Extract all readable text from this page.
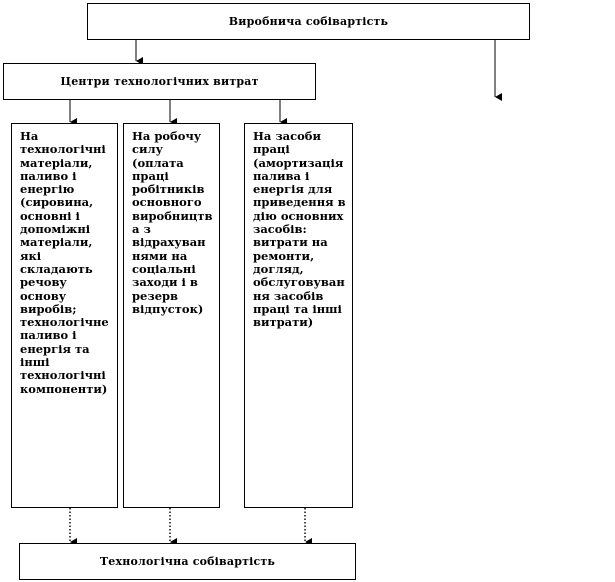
Виробнича собівартість
Центри технологічних витрат
На
технологічні
матеріали,
паливо і
енергію
(сировина,
основні і
допоміжні
матеріали, які
складають
речову
основу
виробів;
технологічне
паливо і
енергія та
інші
технологічні
компоненти)
На робочу
силу
(оплата
праці
робітників
основного
виробництв
а з
відрахуван
нями на
соціальні
заходи і в
резерв
відпусток)
На засоби
праці
(амортизація
палива і
енергія для
приведення в
дію основних
засобів:
витрати на
ремонти,
догляд,
обслуговуван
ня засобів
праці та інші
витрати)
Технологічна собівартість
